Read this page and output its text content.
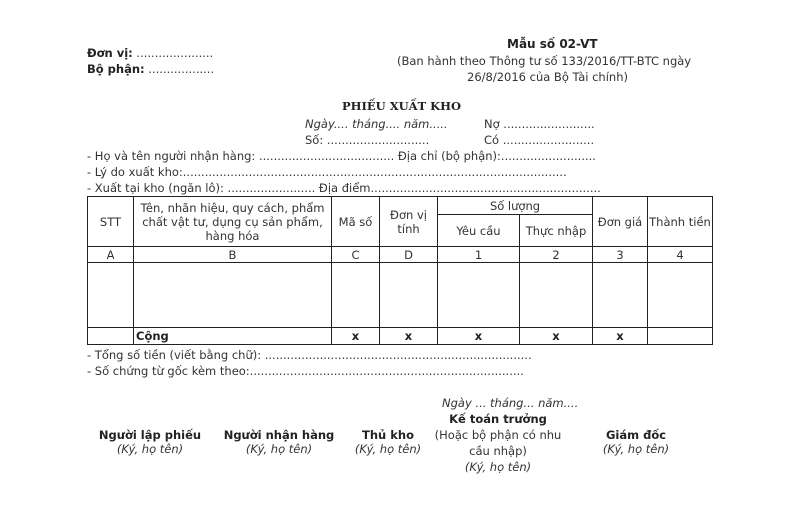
Đơn vị: .....................
Bộ phận: ..................
Mẫu số 02-VT
(Ban hành theo Thông tư số 133/2016/TT-BTC ngày
26/8/2016 của Bộ Tài chính)
PHIẾU XUẤT KHO
Ngày.... tháng.... năm.....	Nợ .........................
Số: ............................	Có .........................
- Họ và tên người nhận hàng: ..................................... Địa chỉ (bộ phận):..........................
- Lý do xuất kho:.........................................................................................................
- Xuất tại kho (ngăn lô): ........................ Địa điểm...............................................................
STT	Tên, nhãn hiệu, quy cách, phẩm chất vật tư, dụng cụ sản phẩm, hàng hóa	Mã số	Đơn vị tính	Số lượng		Đơn giá	Thành tiền
				Yêu cầu	Thực nhập		
A	B	C	D	1	2	3	4

	Cộng	x	x	x	x	x	
- Tổng số tiền (viết bằng chữ): .........................................................................
- Số chứng từ gốc kèm theo:...........................................................................
Ngày ... tháng... năm....
Người lập phiếu
(Ký, họ tên)
Người nhận hàng
(Ký, họ tên)
Thủ kho
(Ký, họ tên)
Kế toán trưởng
(Hoặc bộ phận có nhu cầu nhập)
(Ký, họ tên)
Giám đốc
(Ký, họ tên)
